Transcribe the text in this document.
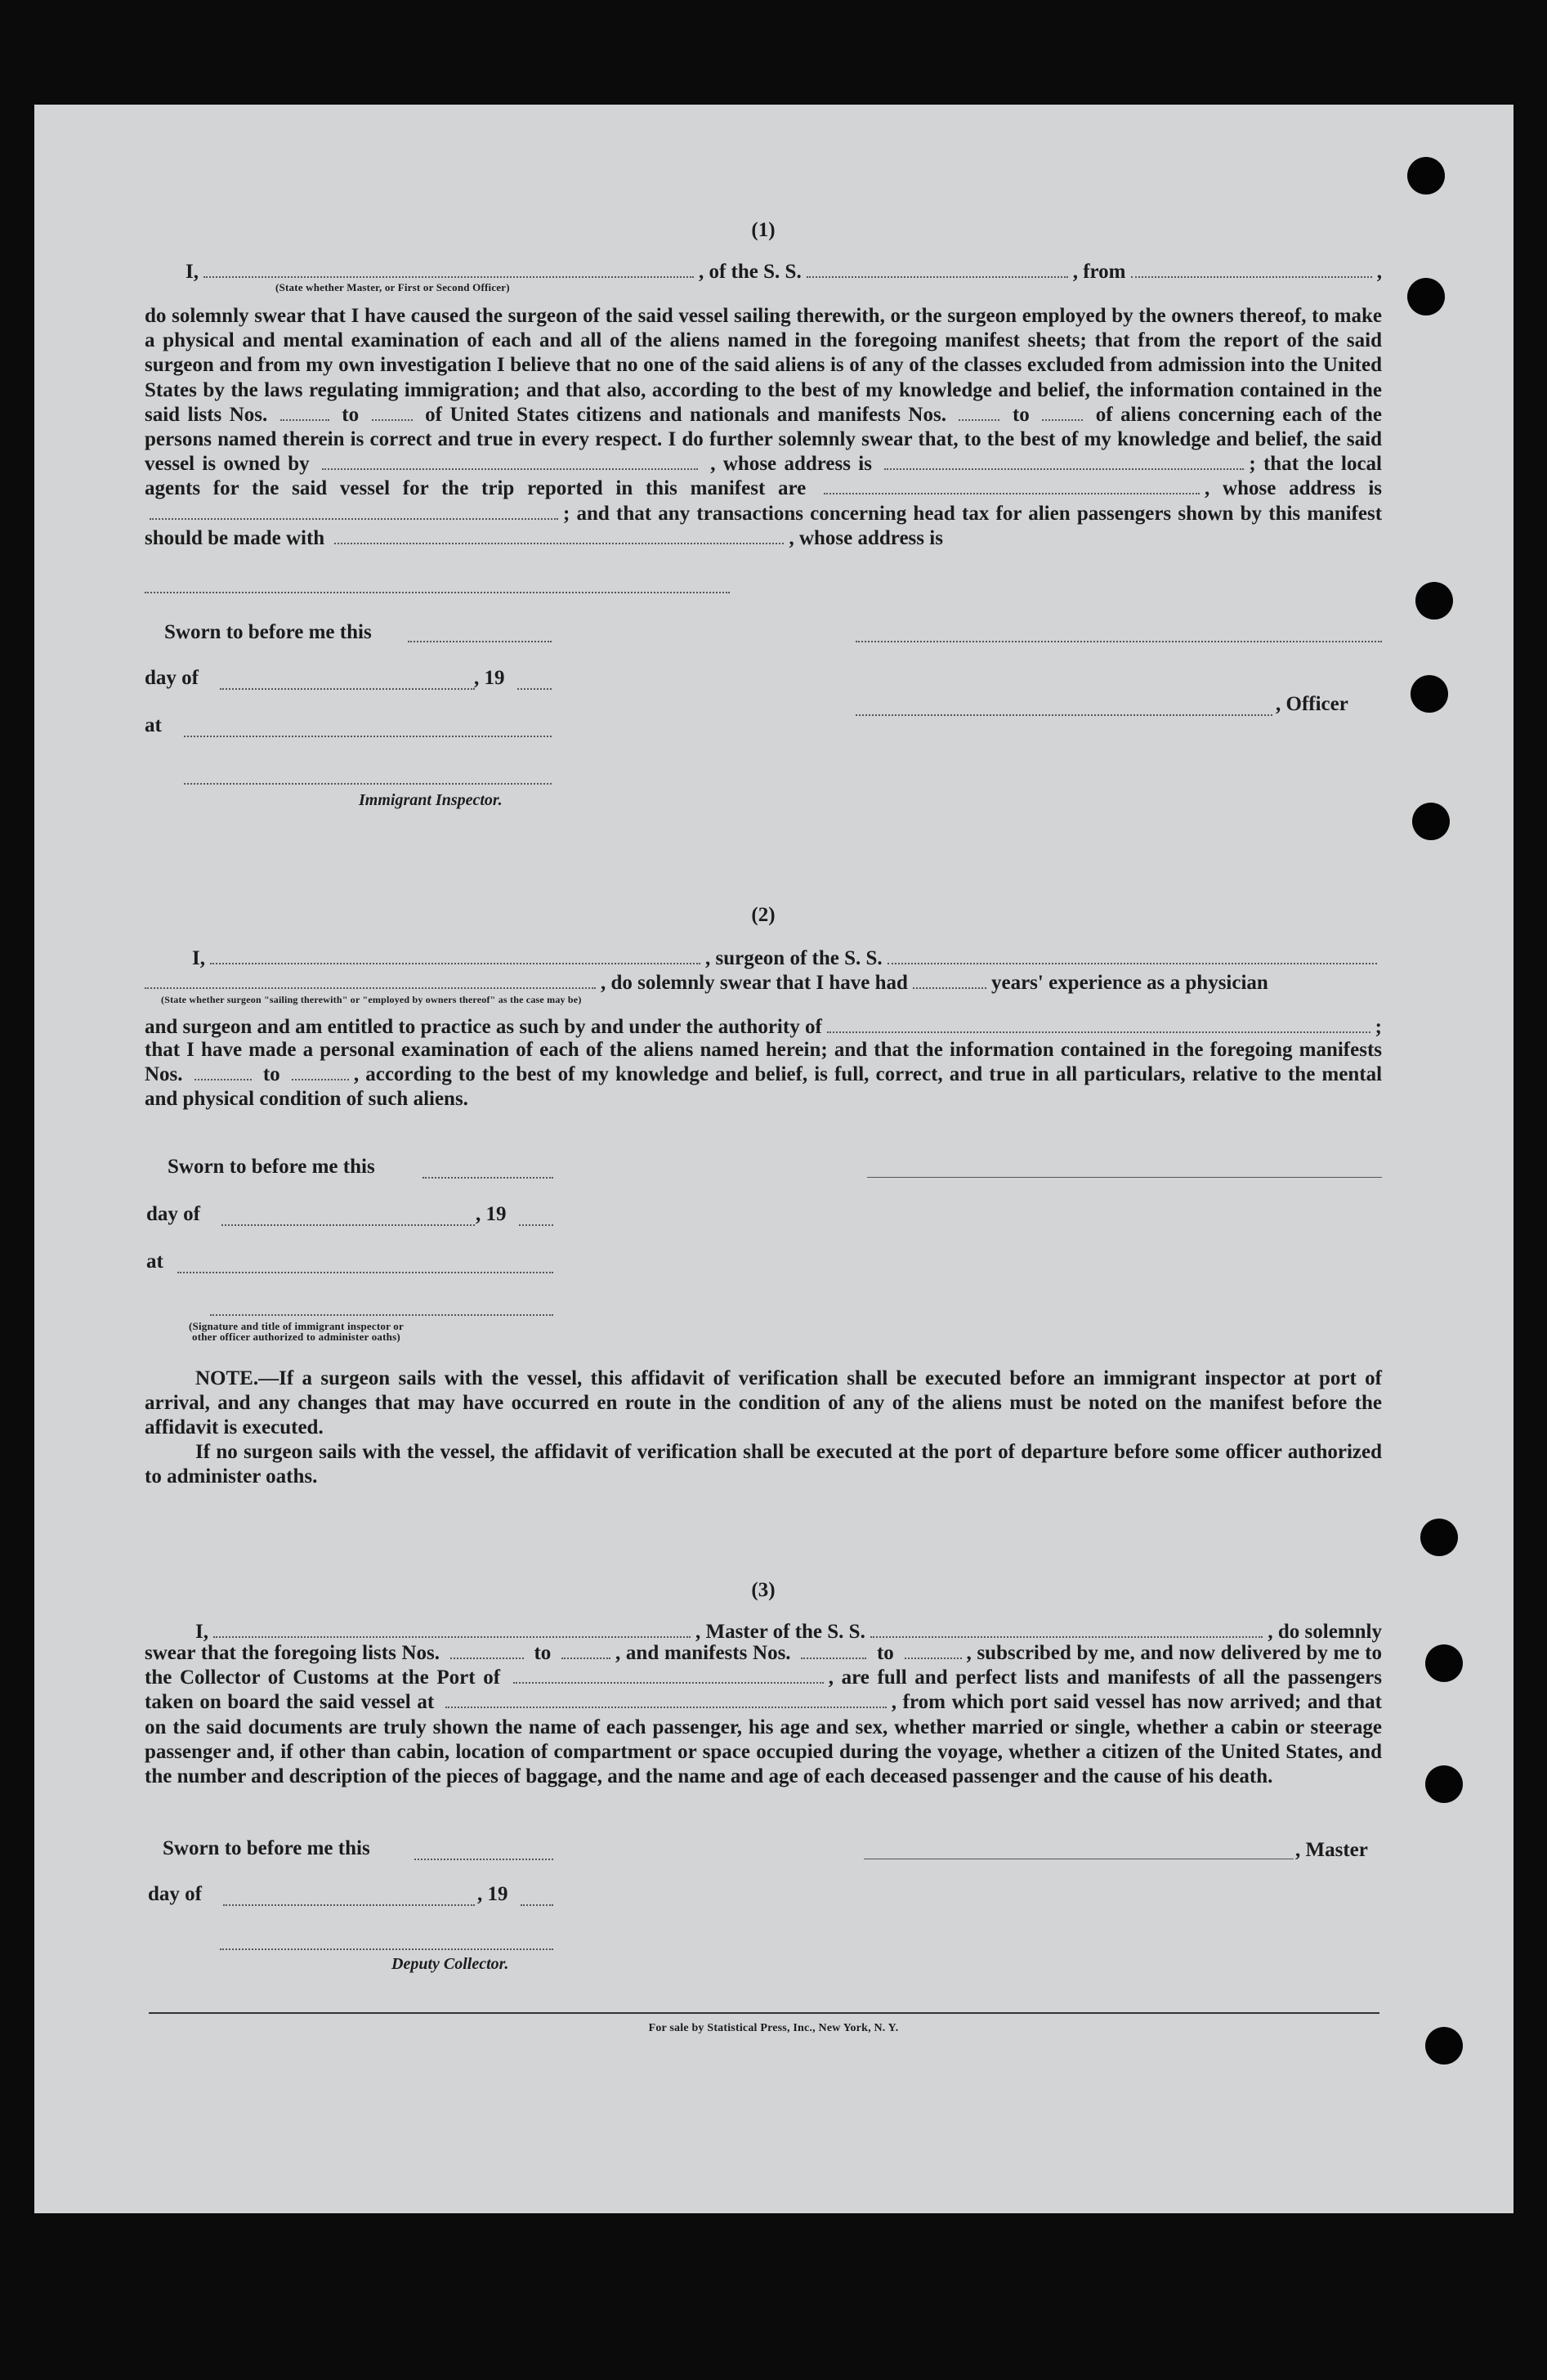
(1)
I,	, of the S. S.	, from	,
(State whether Master, or First or Second Officer)
do solemnly swear that I have caused the surgeon of the said vessel sailing therewith, or the surgeon employed by the owners thereof, to make a physical and mental examination of each and all of the aliens named in the foregoing manifest sheets; that from the report of the said surgeon and from my own investigation I believe that no one of the said aliens is of any of the classes excluded from admission into the United States by the laws regulating immigration; and that also, according to the best of my knowledge and belief, the information contained in the said lists Nos.	to	of United States citizens and nationals and manifests Nos.	to	of aliens concerning each of the persons named therein is correct and true in every respect. I do further solemnly swear that, to the best of my knowledge and belief, the said vessel is owned by	, whose address is	; that the local agents for the said vessel for the trip reported in this manifest are	, whose address is ; and that any transactions concerning head tax for alien passengers shown by this manifest should be made with	, whose address is
Sworn to before me this
day of	, 19
, Officer
at
Immigrant Inspector.
(2)
I,	, surgeon of the S. S.
, do solemnly swear that I have had	years' experience as a physician
(State whether surgeon "sailing therewith" or "employed by owners thereof" as the case may be)
and surgeon and am entitled to practice as such by and under the authority of	;
that I have made a personal examination of each of the aliens named herein; and that the information contained in the foregoing manifests Nos.	to	, according to the best of my knowledge and belief, is full, correct, and true in all particulars, relative to the mental and physical condition of such aliens.
Sworn to before me this
day of	, 19
at
(Signature and title of immigrant inspector or
other officer authorized to administer oaths)
NOTE.—If a surgeon sails with the vessel, this affidavit of verification shall be executed before an immigrant inspector at port of arrival, and any changes that may have occurred en route in the condition of any of the aliens must be noted on the manifest before the affidavit is executed.
If no surgeon sails with the vessel, the affidavit of verification shall be executed at the port of departure before some officer authorized to administer oaths.
(3)
I,	, Master of the S. S.	, do solemnly
swear that the foregoing lists Nos.	to	, and manifests Nos.	to	, subscribed by me, and now delivered by me to the Collector of Customs at the Port of	, are full and perfect lists and manifests of all the passengers taken on board the said vessel at	, from which port said vessel has now arrived; and that on the said documents are truly shown the name of each passenger, his age and sex, whether married or single, whether a cabin or steerage passenger and, if other than cabin, location of compartment or space occupied during the voyage, whether a citizen of the United States, and the number and description of the pieces of baggage, and the name and age of each deceased passenger and the cause of his death.
Sworn to before me this	, Master
day of	, 19
Deputy Collector.
For sale by Statistical Press, Inc., New York, N. Y.
